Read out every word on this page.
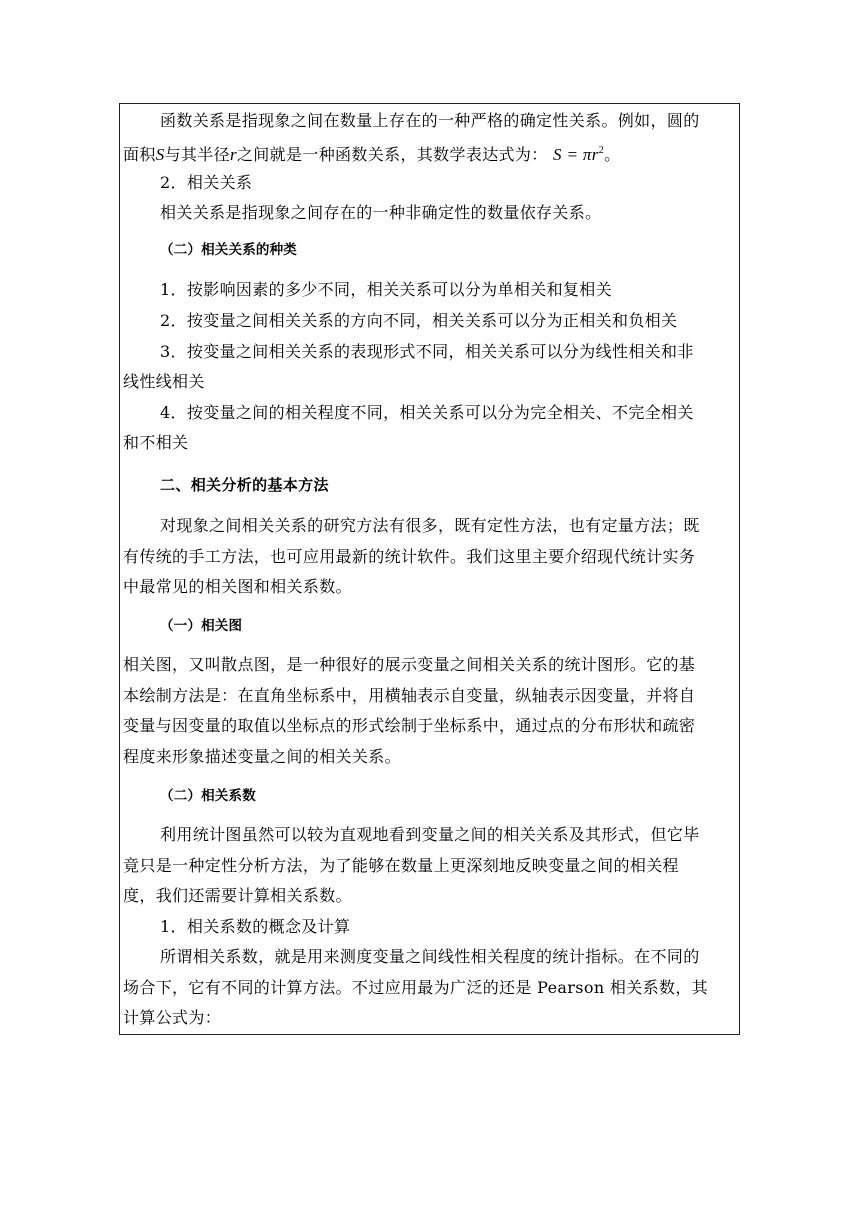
函数关系是指现象之间在数量上存在的一种严格的确定性关系。例如，圆的
面积S与其半径r之间就是一种函数关系，其数学表达式为： $S = \pi r^2$。
2．相关关系
相关关系是指现象之间存在的一种非确定性的数量依存关系。
（二）相关关系的种类
1．按影响因素的多少不同，相关关系可以分为单相关和复相关
2．按变量之间相关关系的方向不同，相关关系可以分为正相关和负相关
3．按变量之间相关关系的表现形式不同，相关关系可以分为线性相关和非
线性线相关
4．按变量之间的相关程度不同，相关关系可以分为完全相关、不完全相关
和不相关
二、相关分析的基本方法
对现象之间相关关系的研究方法有很多，既有定性方法，也有定量方法；既
有传统的手工方法，也可应用最新的统计软件。我们这里主要介绍现代统计实务
中最常见的相关图和相关系数。
（一）相关图
相关图，又叫散点图，是一种很好的展示变量之间相关关系的统计图形。它的基
本绘制方法是：在直角坐标系中，用横轴表示自变量，纵轴表示因变量，并将自
变量与因变量的取值以坐标点的形式绘制于坐标系中，通过点的分布形状和疏密
程度来形象描述变量之间的相关关系。
（二）相关系数
利用统计图虽然可以较为直观地看到变量之间的相关关系及其形式，但它毕
竟只是一种定性分析方法，为了能够在数量上更深刻地反映变量之间的相关程
度，我们还需要计算相关系数。
1．相关系数的概念及计算
所谓相关系数，就是用来测度变量之间线性相关程度的统计指标。在不同的
场合下，它有不同的计算方法。不过应用最为广泛的还是 Pearson 相关系数，其
计算公式为：
